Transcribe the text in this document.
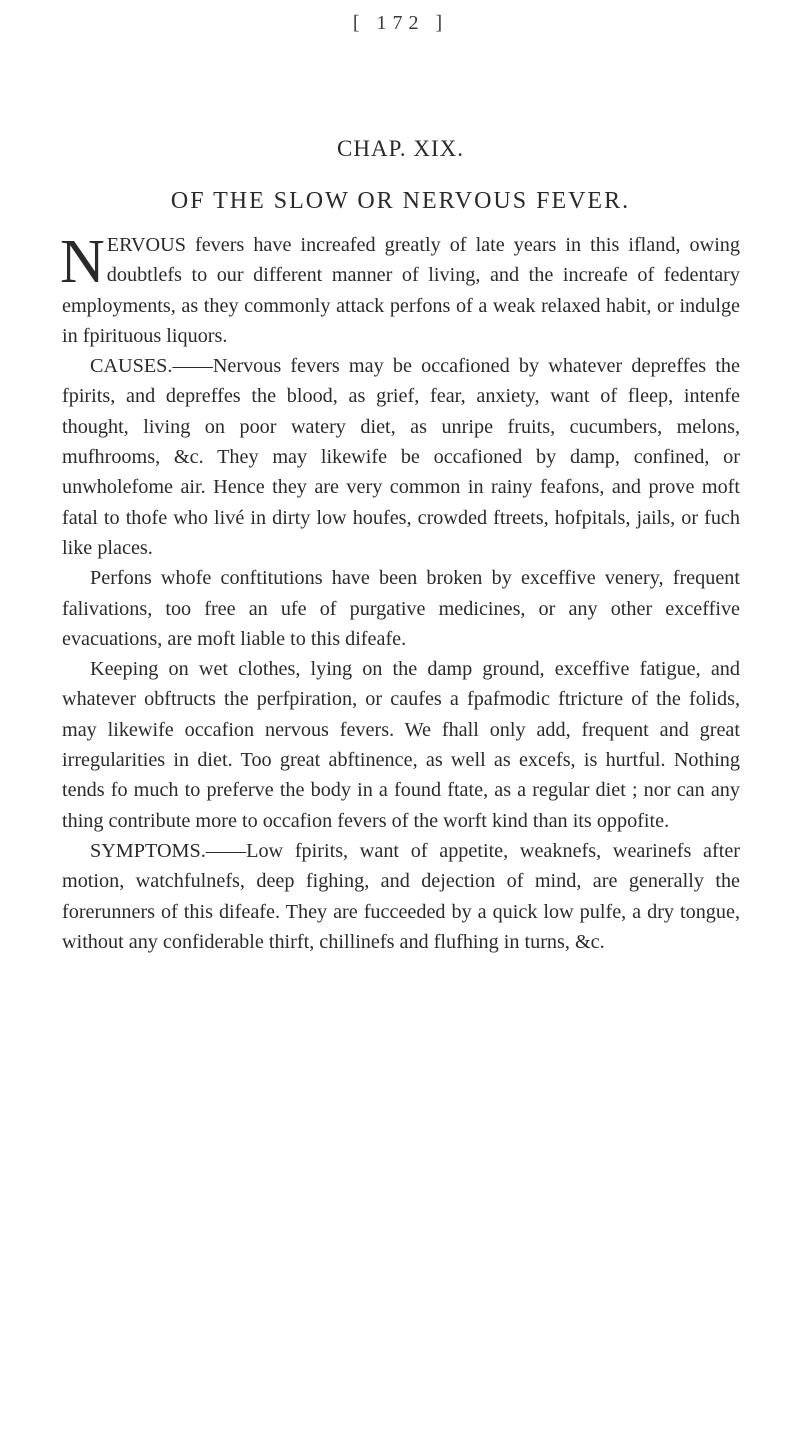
[ 172 ]
CHAP. XIX.
OF THE SLOW OR NERVOUS FEVER.

NERVOUS fevers have increafed greatly of late years in this ifland, owing doubtlefs to our different manner of living, and the increafe of fedentary employments, as they commonly attack perfons of a weak relaxed habit, or indulge in fpirituous liquors.

CAUSES.——Nervous fevers may be occafioned by whatever depreffes the fpirits, and depreffes the blood, as grief, fear, anxiety, want of fleep, intenfe thought, living on poor watery diet, as unripe fruits, cucumbers, melons, mufhrooms, &c. They may likewife be occafioned by damp, confined, or unwholefome air. Hence they are very common in rainy feafons, and prove moft fatal to thofe who livé in dirty low houfes, crowded ftreets, hofpitals, jails, or fuch like places.

Perfons whofe conftitutions have been broken by exceffive venery, frequent falivations, too free an ufe of purgative medicines, or any other exceffive evacuations, are moft liable to this difeafe.

Keeping on wet clothes, lying on the damp ground, exceffive fatigue, and whatever obftructs the perfpiration, or caufes a fpafmodic ftricture of the folids, may likewife occafion nervous fevers. We fhall only add, frequent and great irregularities in diet. Too great abftinence, as well as excefs, is hurtful. Nothing tends fo much to preferve the body in a found ftate, as a regular diet ; nor can any thing contribute more to occafion fevers of the worft kind than its oppofite.

SYMPTOMS.——Low fpirits, want of appetite, weaknefs, wearinefs after motion, watchfulnefs, deep fighing, and dejection of mind, are generally the forerunners of this difeafe. They are fucceeded by a quick low pulfe, a dry tongue, without any confiderable thirft, chillinefs and flufhing in turns, &c.
